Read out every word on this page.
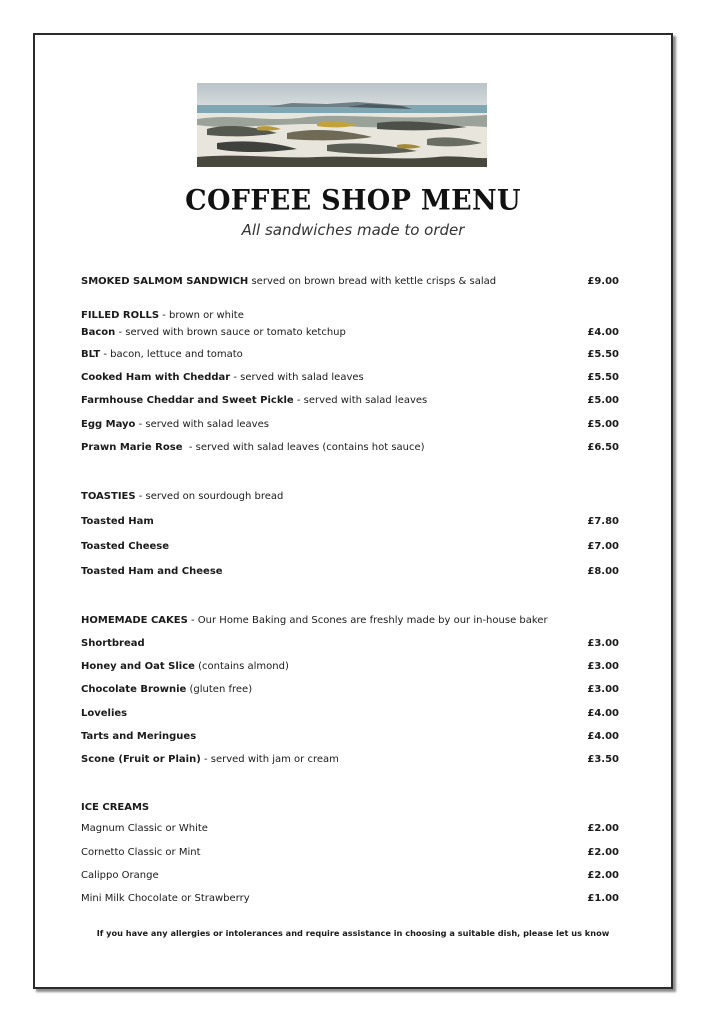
COFFEE SHOP MENU
All sandwiches made to order
SMOKED SALMOM SANDWICH served on brown bread with kettle crisps & salad	£9.00
FILLED ROLLS - brown or white
Bacon - served with brown sauce or tomato ketchup	£4.00
BLT - bacon, lettuce and tomato	£5.50
Cooked Ham with Cheddar - served with salad leaves	£5.50
Farmhouse Cheddar and Sweet Pickle - served with salad leaves	£5.00
Egg Mayo - served with salad leaves	£5.00
Prawn Marie Rose  - served with salad leaves (contains hot sauce)	£6.50
TOASTIES - served on sourdough bread
Toasted Ham	£7.80
Toasted Cheese	£7.00
Toasted Ham and Cheese	£8.00
HOMEMADE CAKES - Our Home Baking and Scones are freshly made by our in-house baker
Shortbread	£3.00
Honey and Oat Slice (contains almond)	£3.00
Chocolate Brownie (gluten free)	£3.00
Lovelies	£4.00
Tarts and Meringues	£4.00
Scone (Fruit or Plain) - served with jam or cream	£3.50
ICE CREAMS
Magnum Classic or White	£2.00
Cornetto Classic or Mint	£2.00
Calippo Orange	£2.00
Mini Milk Chocolate or Strawberry	£1.00
If you have any allergies or intolerances and require assistance in choosing a suitable dish, please let us know
